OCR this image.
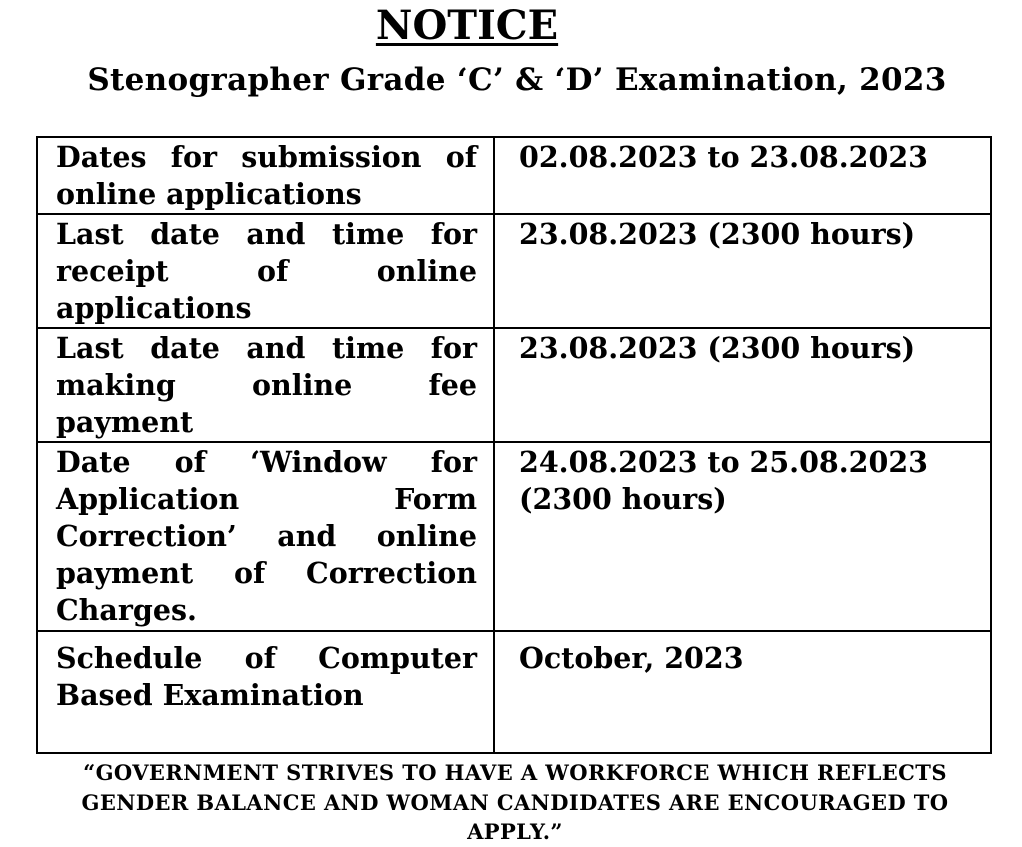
NOTICE
Stenographer Grade ‘C’ & ‘D’ Examination, 2023
Dates for submission of online applications	02.08.2023 to 23.08.2023
Last date and time for receipt of online applications	23.08.2023 (2300 hours)
Last date and time for making online fee payment	23.08.2023 (2300 hours)
Date of ‘Window for Application Form Correction’ and online payment of Correction Charges.	24.08.2023 to 25.08.2023 (2300 hours)
Schedule of Computer Based Examination	October, 2023

“GOVERNMENT STRIVES TO HAVE A WORKFORCE WHICH REFLECTS GENDER BALANCE AND WOMAN CANDIDATES ARE ENCOURAGED TO APPLY.”
